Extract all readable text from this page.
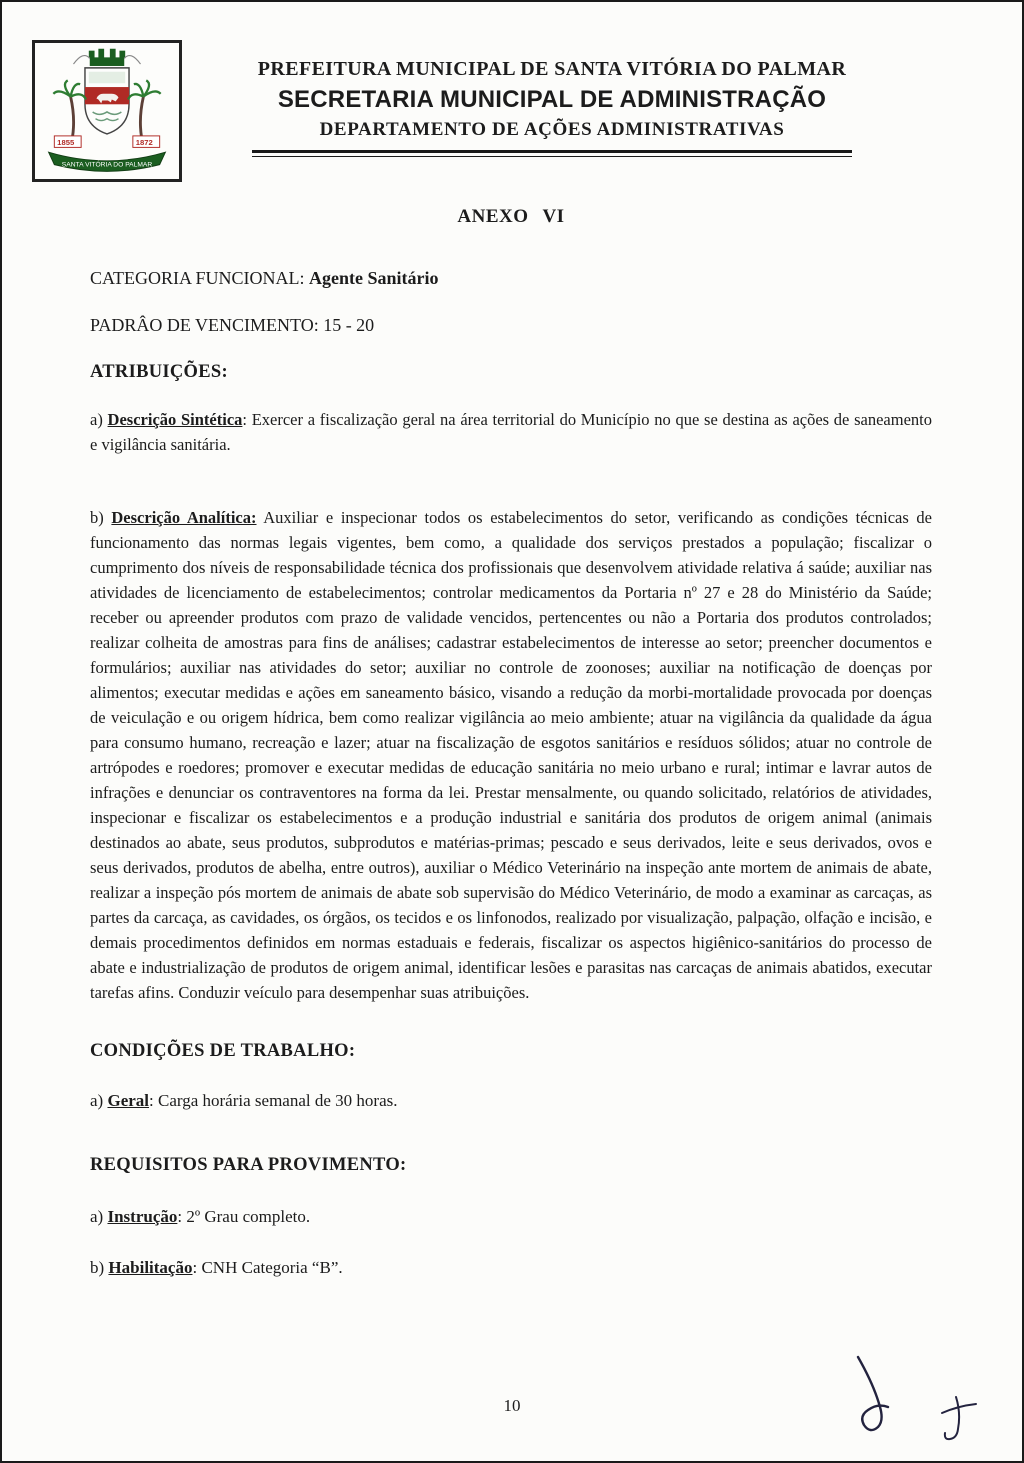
1855	1872
SANTA VITÓRIA DO PALMAR
PREFEITURA MUNICIPAL DE SANTA VITÓRIA DO PALMAR
SECRETARIA MUNICIPAL DE ADMINISTRAÇÃO
DEPARTAMENTO DE AÇÕES ADMINISTRATIVAS
ANEXO VI
CATEGORIA FUNCIONAL: Agente Sanitário
PADRÂO DE VENCIMENTO: 15 - 20
ATRIBUIÇÕES:

a) Descrição Sintética: Exercer a fiscalização geral na área territorial do Município no que se destina as ações de saneamento e vigilância sanitária.

b) Descrição Analítica: Auxiliar e inspecionar todos os estabelecimentos do setor, verificando as condições técnicas de funcionamento das normas legais vigentes, bem como, a qualidade dos serviços prestados a população; fiscalizar o cumprimento dos níveis de responsabilidade técnica dos profissionais que desenvolvem atividade relativa á saúde; auxiliar nas atividades de licenciamento de estabelecimentos; controlar medicamentos da Portaria nº 27 e 28 do Ministério da Saúde; receber ou apreender produtos com prazo de validade vencidos, pertencentes ou não a Portaria dos produtos controlados; realizar colheita de amostras para fins de análises; cadastrar estabelecimentos de interesse ao setor; preencher documentos e formulários; auxiliar nas atividades do setor; auxiliar no controle de zoonoses; auxiliar na notificação de doenças por alimentos; executar medidas e ações em saneamento básico, visando a redução da morbi-mortalidade provocada por doenças de veiculação e ou origem hídrica, bem como realizar vigilância ao meio ambiente; atuar na vigilância da qualidade da água para consumo humano, recreação e lazer; atuar na fiscalização de esgotos sanitários e resíduos sólidos; atuar no controle de artrópodes e roedores; promover e executar medidas de educação sanitária no meio urbano e rural; intimar e lavrar autos de infrações e denunciar os contraventores na forma da lei. Prestar mensalmente, ou quando solicitado, relatórios de atividades, inspecionar e fiscalizar os estabelecimentos e a produção industrial e sanitária dos produtos de origem animal (animais destinados ao abate, seus produtos, subprodutos e matérias-primas; pescado e seus derivados, leite e seus derivados, ovos e seus derivados, produtos de abelha, entre outros), auxiliar o Médico Veterinário na inspeção ante mortem de animais de abate, realizar a inspeção pós mortem de animais de abate sob supervisão do Médico Veterinário, de modo a examinar as carcaças, as partes da carcaça, as cavidades, os órgãos, os tecidos e os linfonodos, realizado por visualização, palpação, olfação e incisão, e demais procedimentos definidos em normas estaduais e federais, fiscalizar os aspectos higiênico-sanitários do processo de abate e industrialização de produtos de origem animal, identificar lesões e parasitas nas carcaças de animais abatidos, executar tarefas afins. Conduzir veículo para desempenhar suas atribuições.

CONDIÇÕES DE TRABALHO:

a) Geral: Carga horária semanal de 30 horas.

REQUISITOS PARA PROVIMENTO:

a) Instrução: 2º Grau completo.

b) Habilitação: CNH Categoria “B”.

10
